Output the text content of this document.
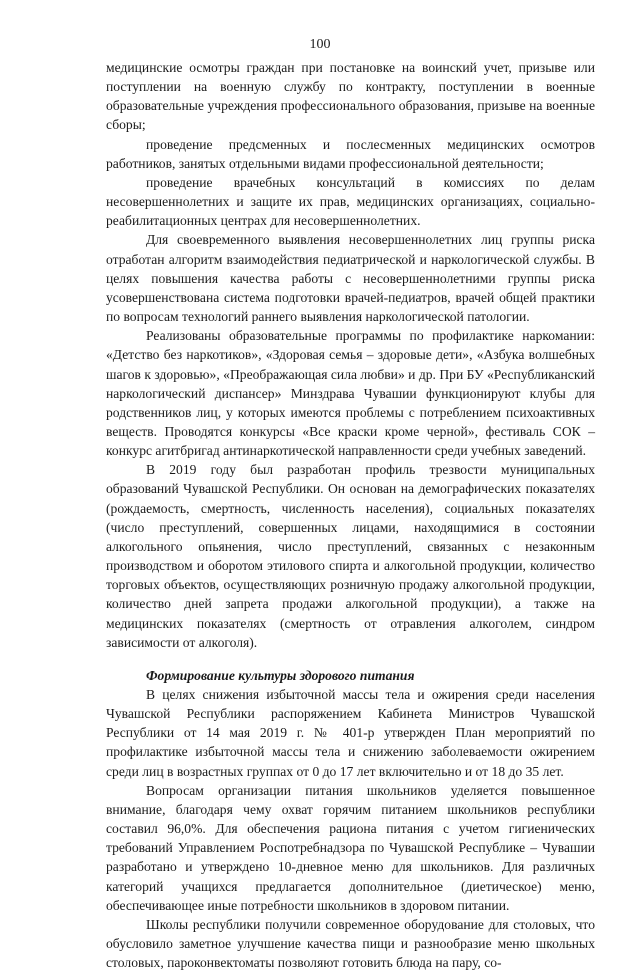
100

медицинские осмотры граждан при постановке на воинский учет, призыве или поступлении на военную службу по контракту, поступлении в военные образовательные учреждения профессионального образования, призыве на военные сборы;

проведение предсменных и послесменных медицинских осмотров работников, занятых отдельными видами профессиональной деятельности;

проведение врачебных консультаций в комиссиях по делам несовершеннолетних и защите их прав, медицинских организациях, социально-реабилитационных центрах для несовершеннолетних.

Для своевременного выявления несовершеннолетних лиц группы риска отработан алгоритм взаимодействия педиатрической и наркологической службы. В целях повышения качества работы с несовершеннолетними группы риска усовершенствована система подготовки врачей-педиатров, врачей общей практики по вопросам технологий раннего выявления наркологической патологии.

Реализованы образовательные программы по профилактике наркомании: «Детство без наркотиков», «Здоровая семья – здоровые дети», «Азбука волшебных шагов к здоровью», «Преображающая сила любви» и др. При БУ «Республиканский наркологический диспансер» Минздрава Чувашии функционируют клубы для родственников лиц, у которых имеются проблемы с потреблением психоактивных веществ. Проводятся конкурсы «Все краски кроме черной», фестиваль СОК – конкурс агитбригад антинаркотической направленности среди учебных заведений.

В 2019 году был разработан профиль трезвости муниципальных образований Чувашской Республики. Он основан на демографических показателях (рождаемость, смертность, численность населения), социальных показателях (число преступлений, совершенных лицами, находящимися в состоянии алкогольного опьянения, число преступлений, связанных с незаконным производством и оборотом этилового спирта и алкогольной продукции, количество торговых объектов, осуществляющих розничную продажу алкогольной продукции, количество дней запрета продажи алкогольной продукции), а также на медицинских показателях (смертность от отравления алкоголем, синдром зависимости от алкоголя).

Формирование культуры здорового питания

В целях снижения избыточной массы тела и ожирения среди населения Чувашской Республики распоряжением Кабинета Министров Чувашской Республики от 14 мая 2019 г. № 401-р утвержден План мероприятий по профилактике избыточной массы тела и снижению заболеваемости ожирением среди лиц в возрастных группах от 0 до 17 лет включительно и от 18 до 35 лет.

Вопросам организации питания школьников уделяется повышенное внимание, благодаря чему охват горячим питанием школьников республики составил 96,0%. Для обеспечения рациона питания с учетом гигиенических требований Управлением Роспотребнадзора по Чувашской Республике – Чувашии разработано и утверждено 10-дневное меню для школьников. Для различных категорий учащихся предлагается дополнительное (диетическое) меню, обеспечивающее иные потребности школьников в здоровом питании.

Школы республики получили современное оборудование для столовых, что обусловило заметное улучшение качества пищи и разнообразие меню школьных столовых, пароконвектоматы позволяют готовить блюда на пару, со-
